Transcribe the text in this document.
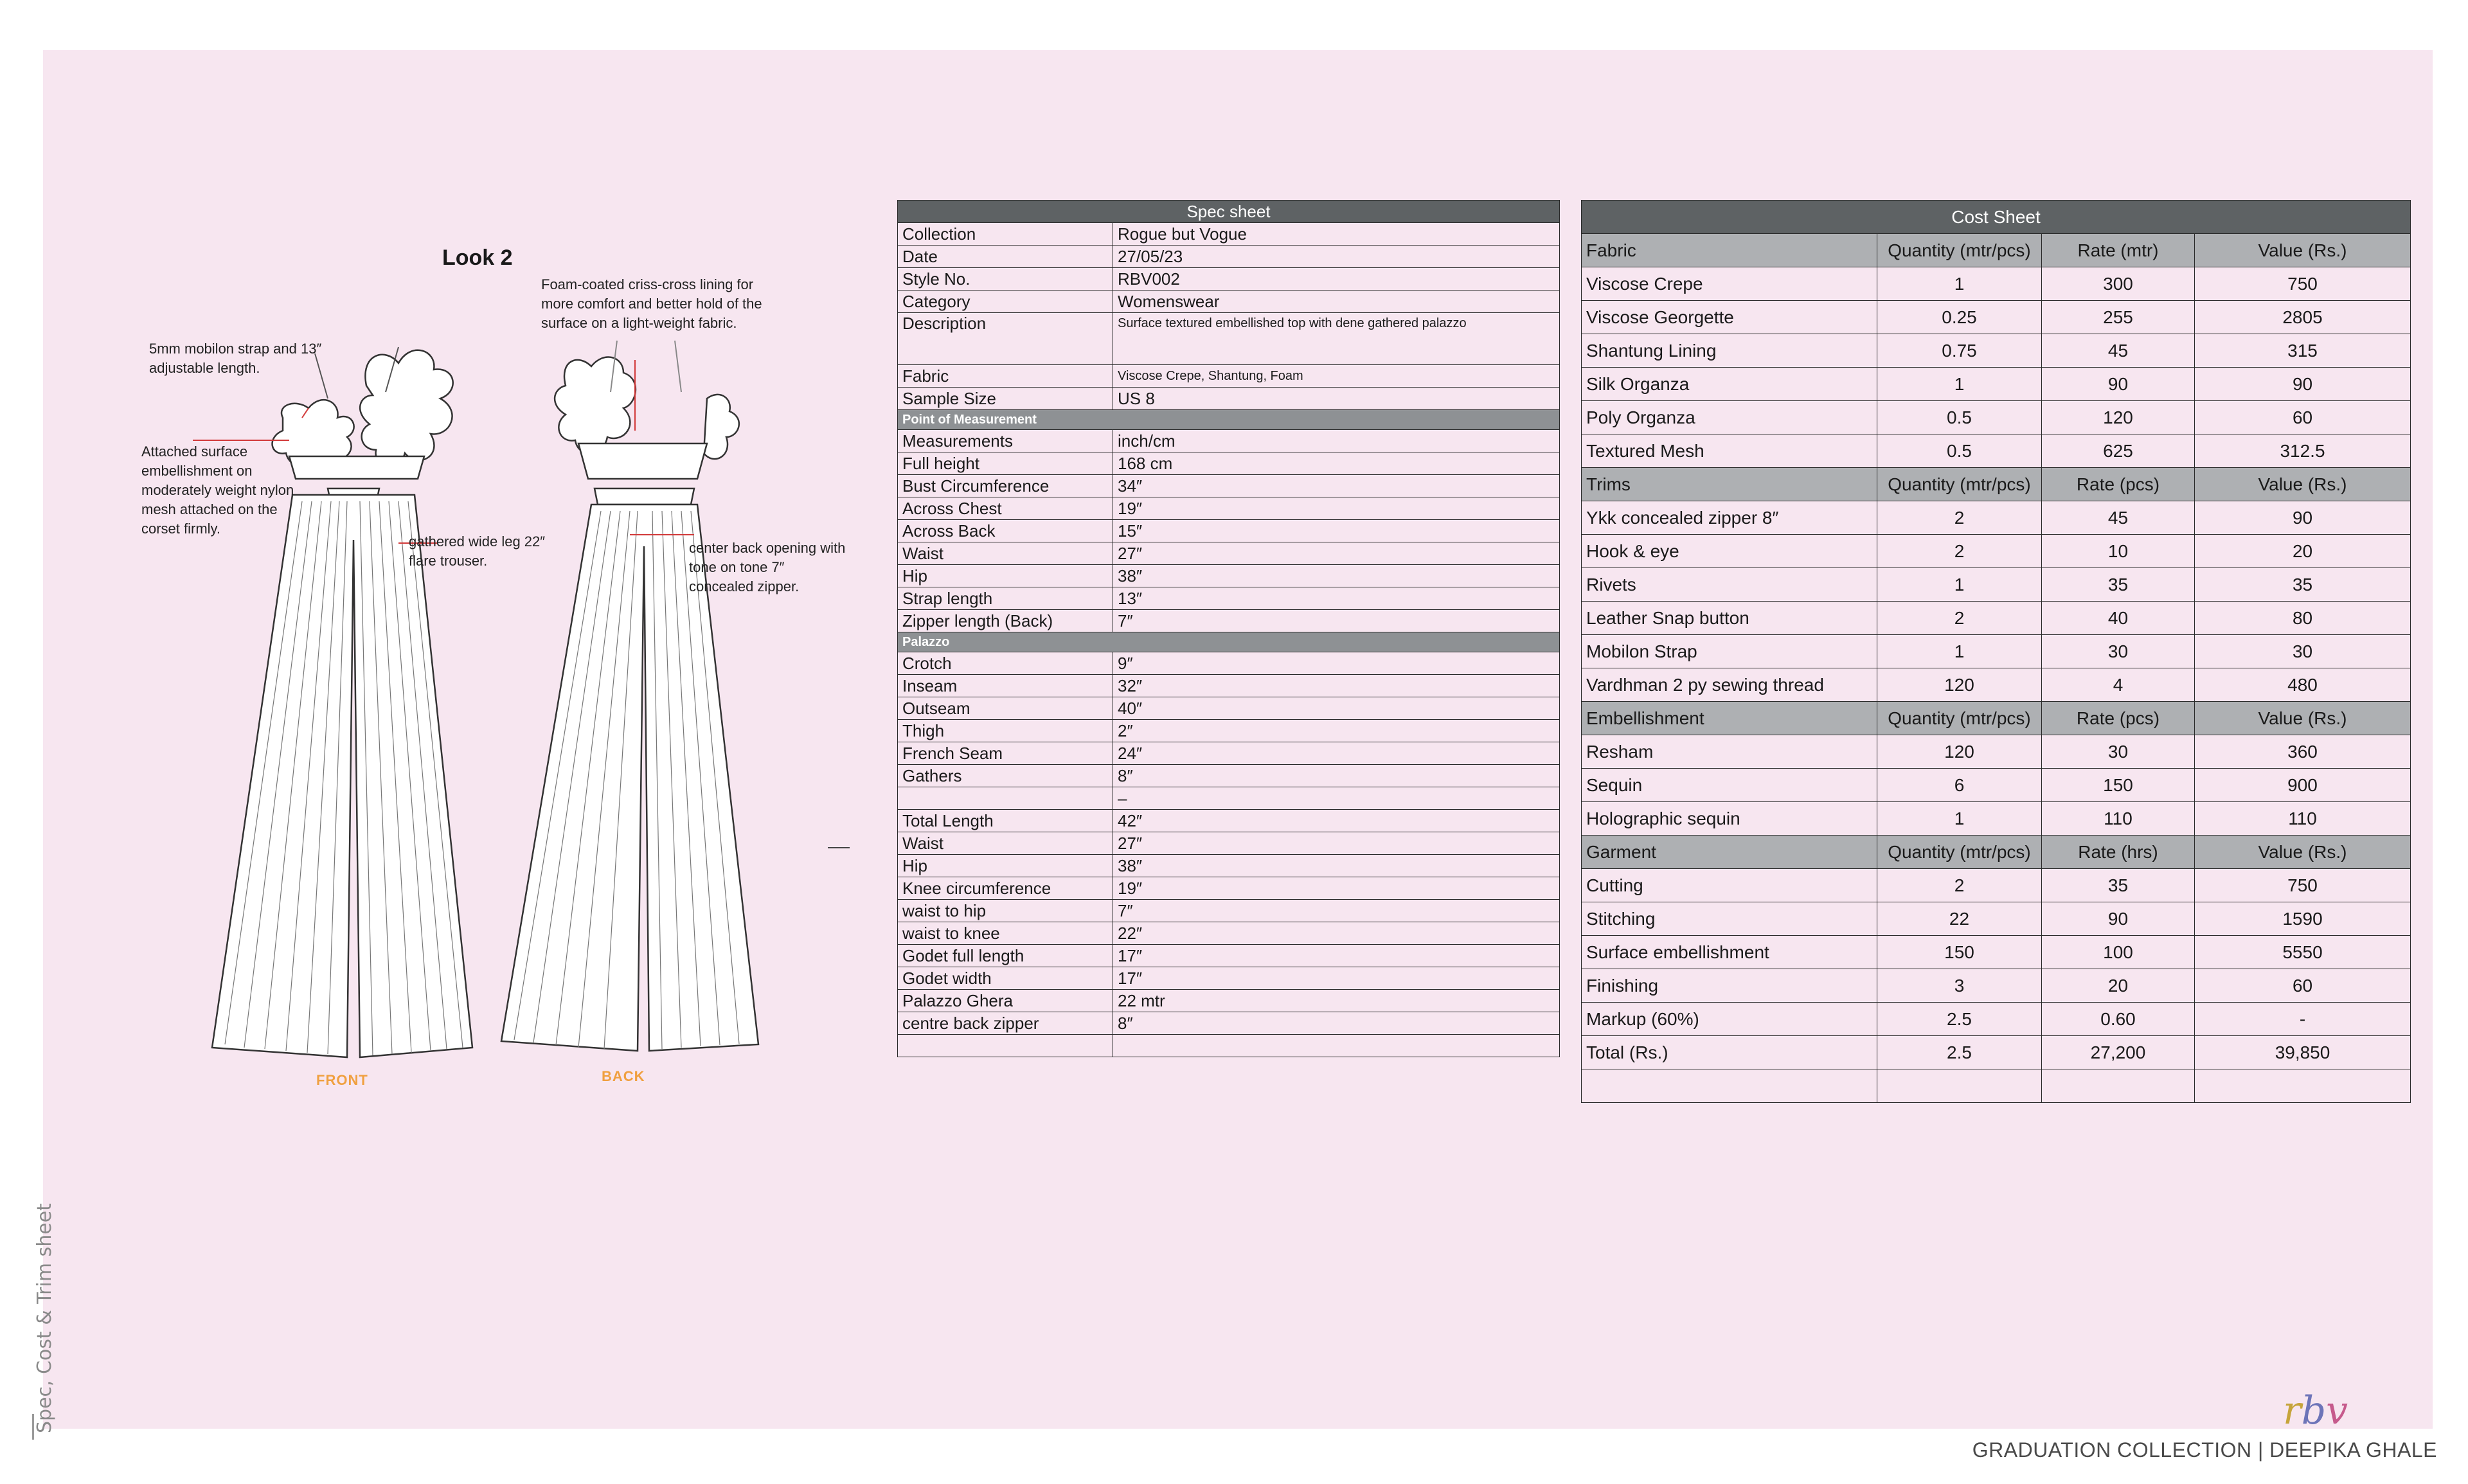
Spec, Cost & Trim sheet
Look 2
5mm mobilon strap and 13″ adjustable length.
Foam-coated criss-cross lining for more comfort and better hold of the surface on a light-weight fabric.
Attached surface embellishment on moderately weight nylon mesh attached on the corset firmly.
gathered wide leg 22″ flare trouser.
center back opening with tone on tone 7″ concealed zipper.
FRONT	BACK
Spec sheet	
Collection	Rogue but Vogue
Date	27/05/23
Style No.	RBV002
Category	Womenswear
Description	Surface textured embellished top with dene gathered palazzo
Fabric	Viscose Crepe, Shantung, Foam
Sample Size	US 8
Point of Measurement	
Measurements	inch/cm
Full height	168 cm
Bust Circumference	34″
Across Chest	19″
Across Back	15″
Waist	27″
Hip	38″
Strap length	13″
Zipper length (Back)	7″
Palazzo	
Crotch	9″
Inseam	32″
Outseam	40″
Thigh	2″
French Seam	24″
Gathers	8″
	–
Total Length	42″
Waist	27″
Hip	38″
Knee circumference	19″
waist to hip	7″
waist to knee	22″
Godet full length	17″
Godet width	17″
Palazzo Ghera	22 mtr
centre back zipper	8″

Cost Sheet			
Fabric	Quantity (mtr/pcs)	Rate (mtr)	Value (Rs.)
Viscose Crepe	1	300	750
Viscose Georgette	0.25	255	2805
Shantung Lining	0.75	45	315
Silk Organza	1	90	90
Poly Organza	0.5	120	60
Textured Mesh	0.5	625	312.5
Trims	Quantity (mtr/pcs)	Rate (pcs)	Value (Rs.)
Ykk concealed zipper 8″	2	45	90
Hook & eye	2	10	20
Rivets	1	35	35
Leather Snap button	2	40	80
Mobilon Strap	1	30	30
Vardhman 2 py sewing thread	120	4	480
Embellishment	Quantity (mtr/pcs)	Rate (pcs)	Value (Rs.)
Resham	120	30	360
Sequin	6	150	900
Holographic sequin	1	110	110
Garment	Quantity (mtr/pcs)	Rate (hrs)	Value (Rs.)
Cutting	2	35	750
Stitching	22	90	1590
Surface embellishment	150	100	5550
Finishing	3	20	60
Markup (60%)	2.5	0.60	-
Total (Rs.)	2.5	27,200	39,850

rbv
GRADUATION COLLECTION | DEEPIKA GHALE
